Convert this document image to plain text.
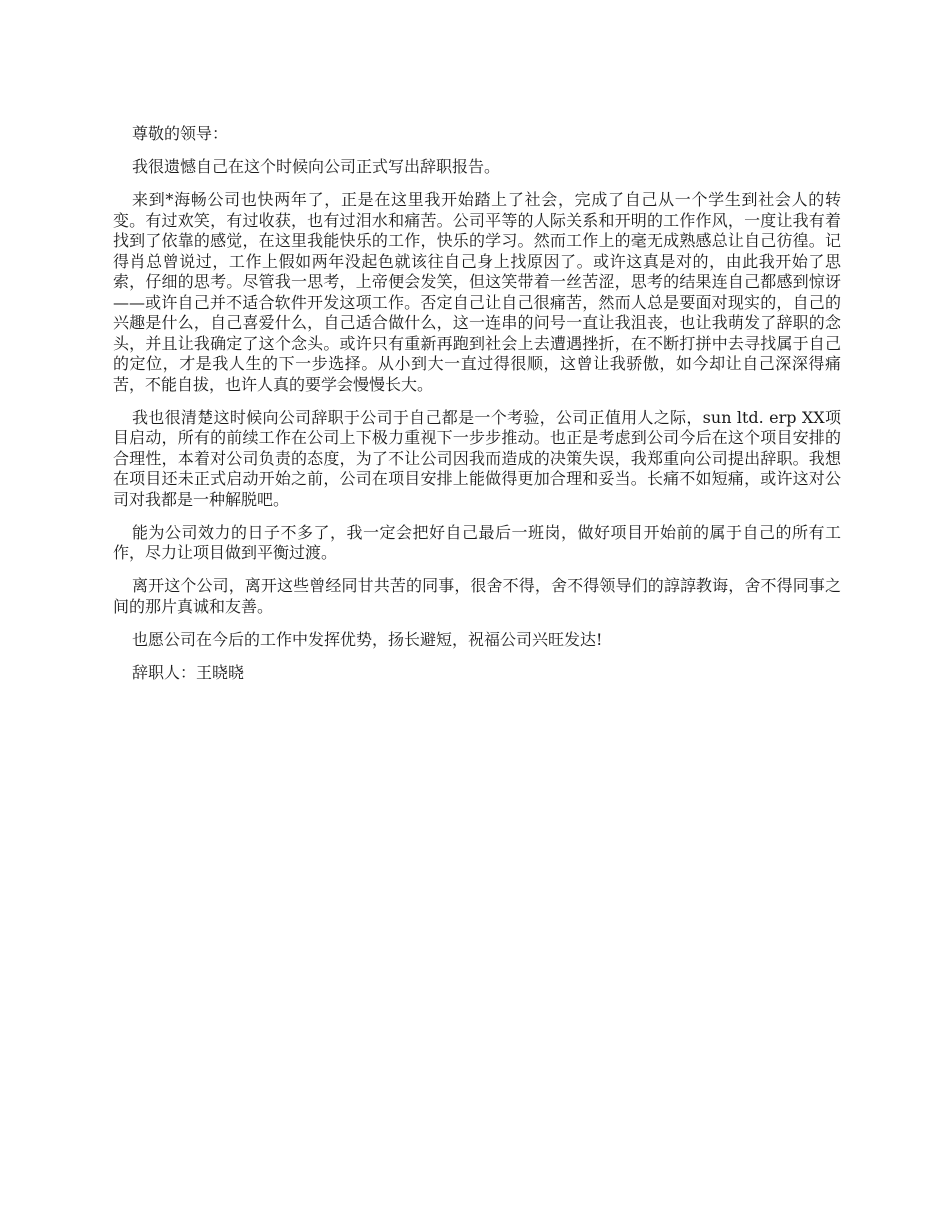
尊敬的领导：

我很遗憾自己在这个时候向公司正式写出辞职报告。

来到*海畅公司也快两年了，正是在这里我开始踏上了社会，完成了自己从一个学生到社会人的转变。有过欢笑，有过收获，也有过泪水和痛苦。公司平等的人际关系和开明的工作作风，一度让我有着找到了依靠的感觉，在这里我能快乐的工作，快乐的学习。然而工作上的毫无成熟感总让自己彷徨。记得肖总曾说过，工作上假如两年没起色就该往自己身上找原因了。或许这真是对的，由此我开始了思索，仔细的思考。尽管我一思考，上帝便会发笑，但这笑带着一丝苦涩，思考的结果连自己都感到惊讶——或许自己并不适合软件开发这项工作。否定自己让自己很痛苦，然而人总是要面对现实的，自己的兴趣是什么，自己喜爱什么，自己适合做什么，这一连串的问号一直让我沮丧，也让我萌发了辞职的念头，并且让我确定了这个念头。或许只有重新再跑到社会上去遭遇挫折，在不断打拼中去寻找属于自己的定位，才是我人生的下一步选择。从小到大一直过得很顺，这曾让我骄傲，如今却让自己深深得痛苦，不能自拔，也许人真的要学会慢慢长大。

我也很清楚这时候向公司辞职于公司于自己都是一个考验，公司正值用人之际，sun ltd. erp XX项目启动，所有的前续工作在公司上下极力重视下一步步推动。也正是考虑到公司今后在这个项目安排的合理性，本着对公司负责的态度，为了不让公司因我而造成的决策失误，我郑重向公司提出辞职。我想在项目还未正式启动开始之前，公司在项目安排上能做得更加合理和妥当。长痛不如短痛，或许这对公司对我都是一种解脱吧。

能为公司效力的日子不多了，我一定会把好自己最后一班岗，做好项目开始前的属于自己的所有工作，尽力让项目做到平衡过渡。

离开这个公司，离开这些曾经同甘共苦的同事，很舍不得，舍不得领导们的諄諄教诲，舍不得同事之间的那片真诚和友善。

也愿公司在今后的工作中发挥优势，扬长避短，祝福公司兴旺发达!

辞职人：王晓晓
